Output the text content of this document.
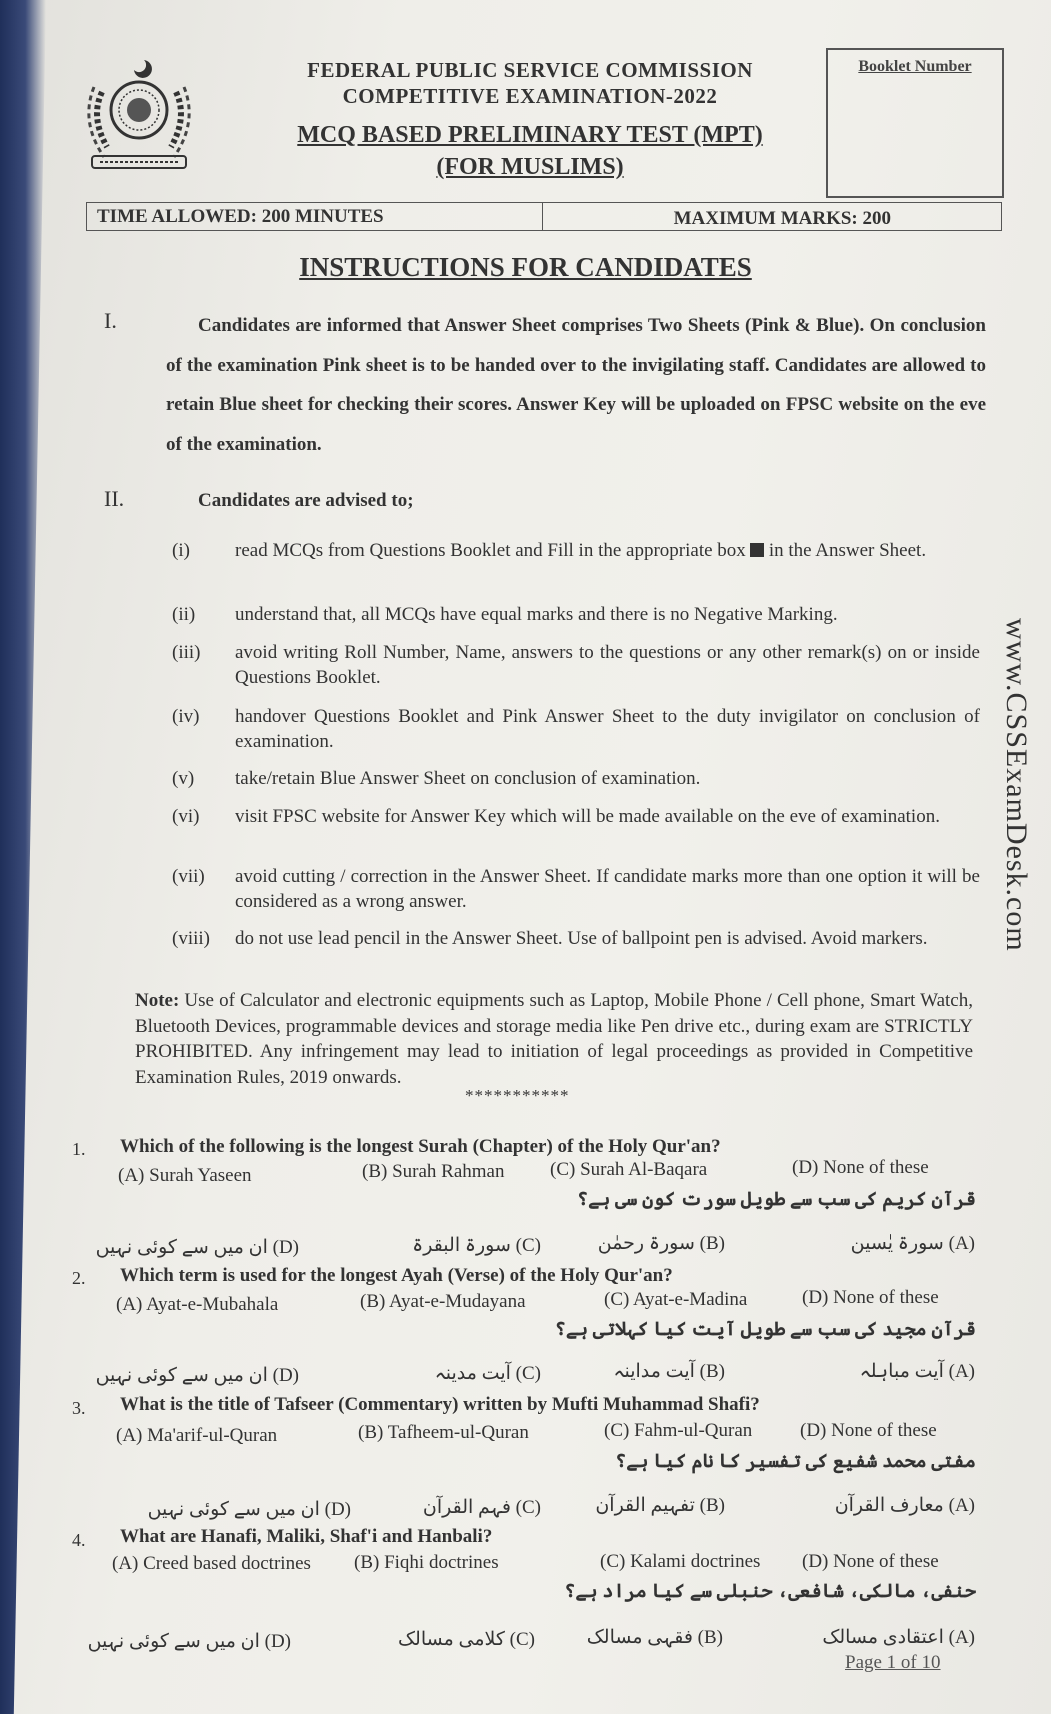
FEDERAL PUBLIC SERVICE COMMISSION
COMPETITIVE EXAMINATION-2022
MCQ BASED PRELIMINARY TEST (MPT)
(FOR MUSLIMS)
Booklet Number
TIME ALLOWED: 200 MINUTES	MAXIMUM MARKS: 200
INSTRUCTIONS FOR CANDIDATES
I.	Candidates are informed that Answer Sheet comprises Two Sheets (Pink & Blue). On conclusion of the examination Pink sheet is to be handed over to the invigilating staff. Candidates are allowed to retain Blue sheet for checking their scores. Answer Key will be uploaded on FPSC website on the eve of the examination.
II.	Candidates are advised to;
(i) read MCQs from Questions Booklet and Fill in the appropriate box in the Answer Sheet.
(ii) understand that, all MCQs have equal marks and there is no Negative Marking.
(iii) avoid writing Roll Number, Name, answers to the questions or any other remark(s) on or inside Questions Booklet.
(iv) handover Questions Booklet and Pink Answer Sheet to the duty invigilator on conclusion of examination.
(v) take/retain Blue Answer Sheet on conclusion of examination.
(vi) visit FPSC website for Answer Key which will be made available on the eve of examination.
(vii) avoid cutting / correction in the Answer Sheet. If candidate marks more than one option it will be considered as a wrong answer.
(viii) do not use lead pencil in the Answer Sheet. Use of ballpoint pen is advised. Avoid markers.
Note: Use of Calculator and electronic equipments such as Laptop, Mobile Phone / Cell phone, Smart Watch, Bluetooth Devices, programmable devices and storage media like Pen drive etc., during exam are STRICTLY PROHIBITED. Any infringement may lead to initiation of legal proceedings as provided in Competitive Examination Rules, 2019 onwards.
***********
1. Which of the following is the longest Surah (Chapter) of the Holy Qur'an?
(A) Surah Yaseen	(B) Surah Rahman (C) Surah Al-Baqara	(D) None of these
قرآن کریم کی سب سے طویل سورت کون سی ہے؟
(A) سورۃ یٰسین
(B) سورۃ رحمٰن
(C) سورۃ البقرۃ
(D) ان میں سے کوئی نہیں
2. Which term is used for the longest Ayah (Verse) of the Holy Qur'an?
(A) Ayat-e-Mubahala	(B) Ayat-e-Mudayana	(C) Ayat-e-Madina	(D) None of these
قرآن مجید کی سب سے طویل آیت کیا کہلاتی ہے؟
(A) آیت مباہلہ
(B) آیت مداینہ
(C) آیت مدینہ
(D) ان میں سے کوئی نہیں
3. What is the title of Tafseer (Commentary) written by Mufti Muhammad Shafi?
(A) Ma'arif-ul-Quran	(B) Tafheem-ul-Quran	(C) Fahm-ul-Quran	(D) None of these
مفتی محمد شفیع کی تفسیر کا نام کیا ہے؟
(A) معارف القرآن
(B) تفہیم القرآن
(C) فہم القرآن
(D) ان میں سے کوئی نہیں
4. What are Hanafi, Maliki, Shaf'i and Hanbali?
(A) Creed based doctrines (B) Fiqhi doctrines	(C) Kalami doctrines (D) None of these
حنفی، مالکی، شافعی، حنبلی سے کیا مراد ہے؟
(A) اعتقادی مسالک
(B) فقہی مسالک
(C) کلامی مسالک
(D) ان میں سے کوئی نہیں
www.CSSExamDesk.com
Page 1 of 10
